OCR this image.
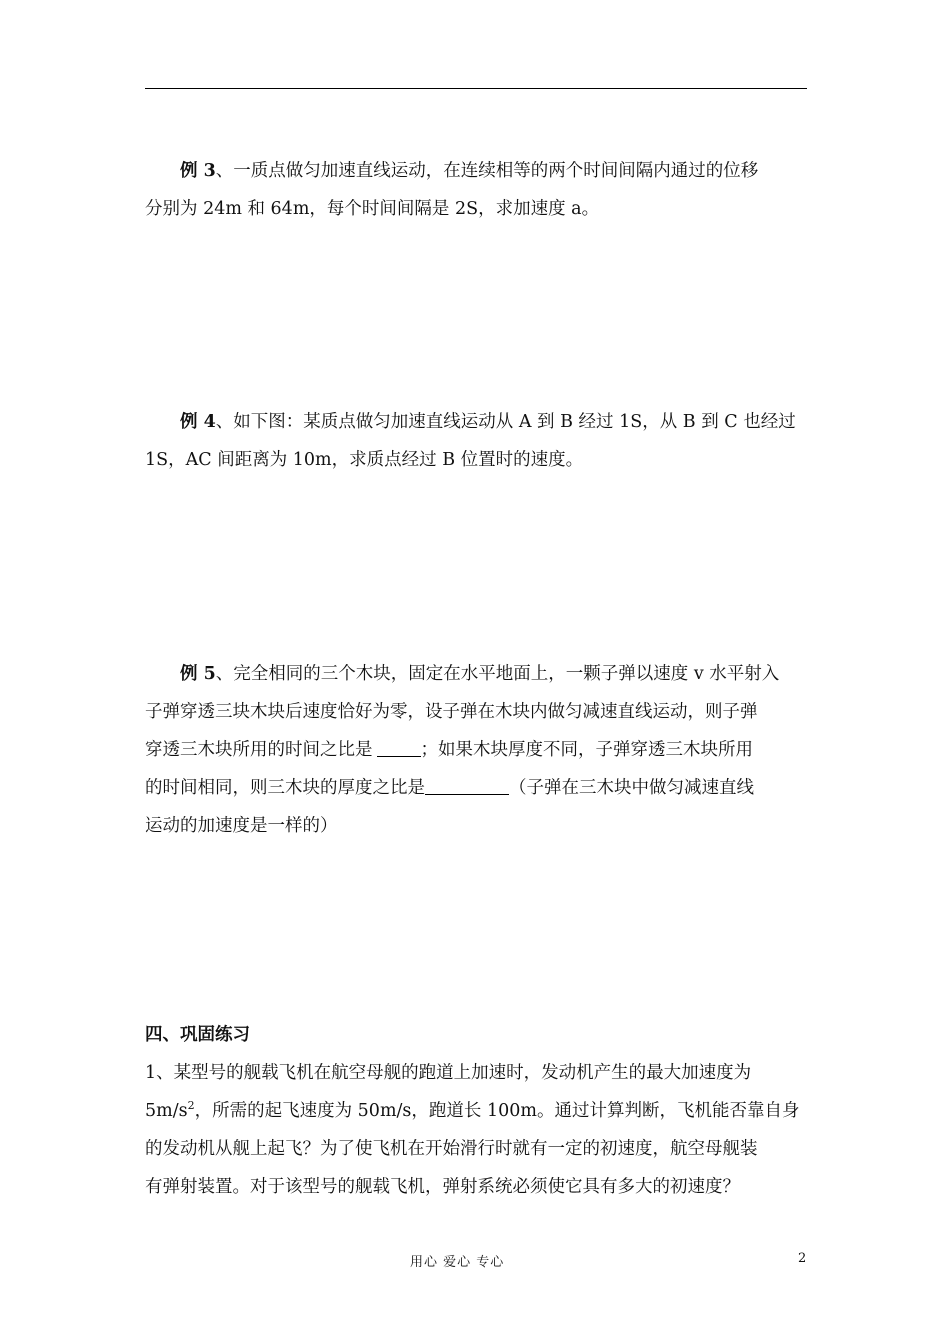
例 3、一质点做匀加速直线运动，在连续相等的两个时间间隔内通过的位移
分别为 24m 和 64m，每个时间间隔是 2S，求加速度 a。
例 4、如下图：某质点做匀加速直线运动从 A 到 B 经过 1S，从 B 到 C 也经过
1S，AC 间距离为 10m，求质点经过 B 位置时的速度。
例 5、完全相同的三个木块，固定在水平地面上，一颗子弹以速度 v 水平射入
子弹穿透三块木块后速度恰好为零，设子弹在木块内做匀减速直线运动，则子弹
穿透三木块所用的时间之比是	；如果木块厚度不同，子弹穿透三木块所用
的时间相同，则三木块的厚度之比是	（子弹在三木块中做匀减速直线
运动的加速度是一样的）
四、巩固练习
1、某型号的舰载飞机在航空母舰的跑道上加速时，发动机产生的最大加速度为
$5m/s^2$，所需的起飞速度为 50m/s，跑道长 100m。通过计算判断，飞机能否靠自身
的发动机从舰上起飞？为了使飞机在开始滑行时就有一定的初速度，航空母舰装
有弹射装置。对于该型号的舰载飞机，弹射系统必须使它具有多大的初速度？
用心 爱心 专心	2
